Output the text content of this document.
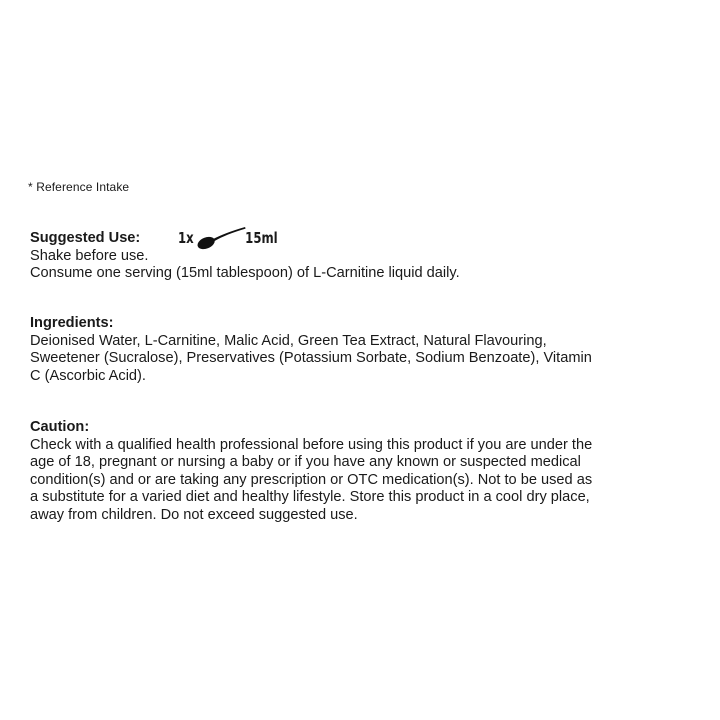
* Reference Intake
Suggested Use:	1x	15ml
Shake before use.
Consume one serving (15ml tablespoon) of L-Carnitine liquid daily.
Ingredients:
Deionised Water, L-Carnitine, Malic Acid, Green Tea Extract, Natural Flavouring,
Sweetener (Sucralose), Preservatives (Potassium Sorbate, Sodium Benzoate), Vitamin
C (Ascorbic Acid).
Caution:
Check with a qualified health professional before using this product if you are under the
age of 18, pregnant or nursing a baby or if you have any known or suspected medical
condition(s) and or are taking any prescription or OTC medication(s). Not to be used as
a substitute for a varied diet and healthy lifestyle. Store this product in a cool dry place,
away from children. Do not exceed suggested use.
